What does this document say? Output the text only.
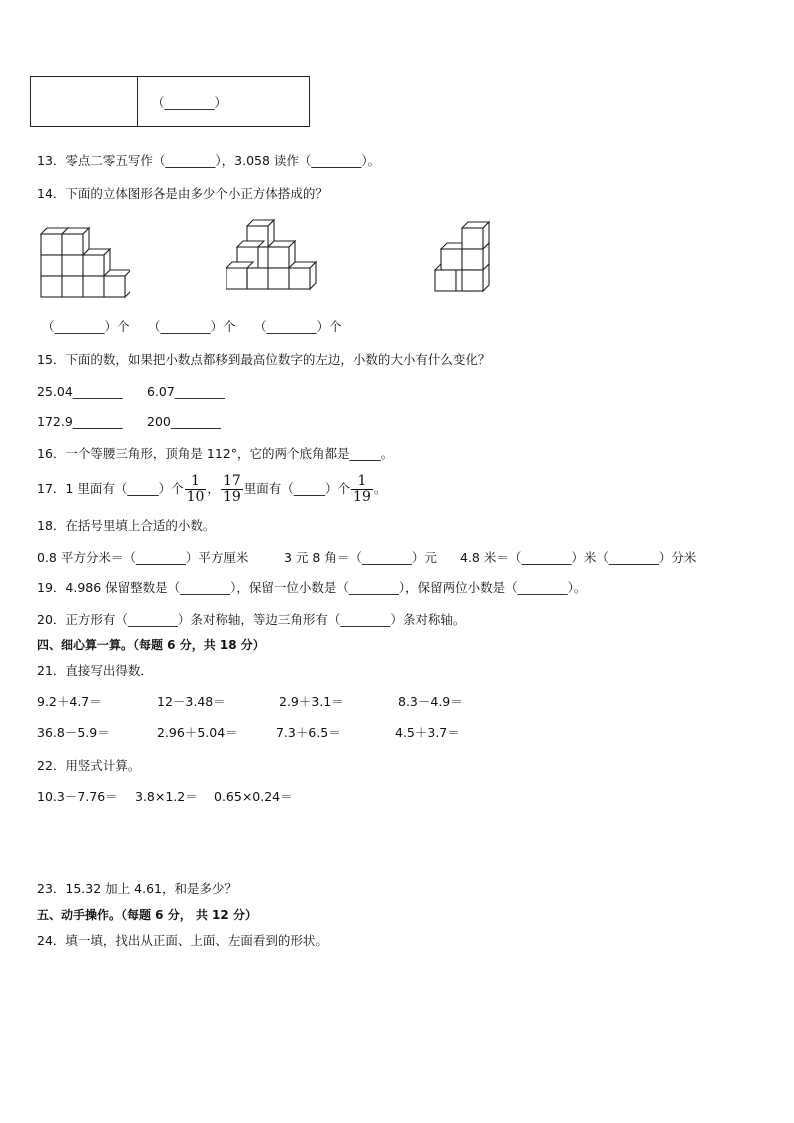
	（________）
13．零点二零五写作（________），3.058 读作（________）。
14．下面的立体图形各是由多少个小正方体搭成的？
（________）个 （________）个 （________）个
15．下面的数，如果把小数点都移到最高位数字的左边，小数的大小有什么变化？
25.04________ 6.07________
172.9________ 200________
16．一个等腰三角形，顶角是 112°，它的两个底角都是_____。
17．1 里面有（_____）个 $\frac{1}{10}$ ， $\frac{17}{19}$ 里面有（_____）个 $\frac{1}{19}$ 。
18．在括号里填上合适的小数。
0.8 平方分米＝（________）平方厘米	3 元 8 角＝（________）元 4.8 米＝（________）米（________）分米
19．4.986 保留整数是（________），保留一位小数是（________），保留两位小数是（________）。
20．正方形有（________）条对称轴，等边三角形有（________）条对称轴。
四、细心算一算。（每题 6 分，共 18 分）
21．直接写出得数．
9.2＋4.7＝	12－3.48＝	2.9＋3.1＝	8.3－4.9＝
36.8－5.9＝	2.96＋5.04＝	7.3＋6.5＝	4.5＋3.7＝
22．用竖式计算。
10.3－7.76＝ 3.8×1.2＝ 0.65×0.24＝
23．15.32 加上 4.61，和是多少？
五、动手操作。（每题 6 分， 共 12 分）
24．填一填，找出从正面、上面、左面看到的形状。
